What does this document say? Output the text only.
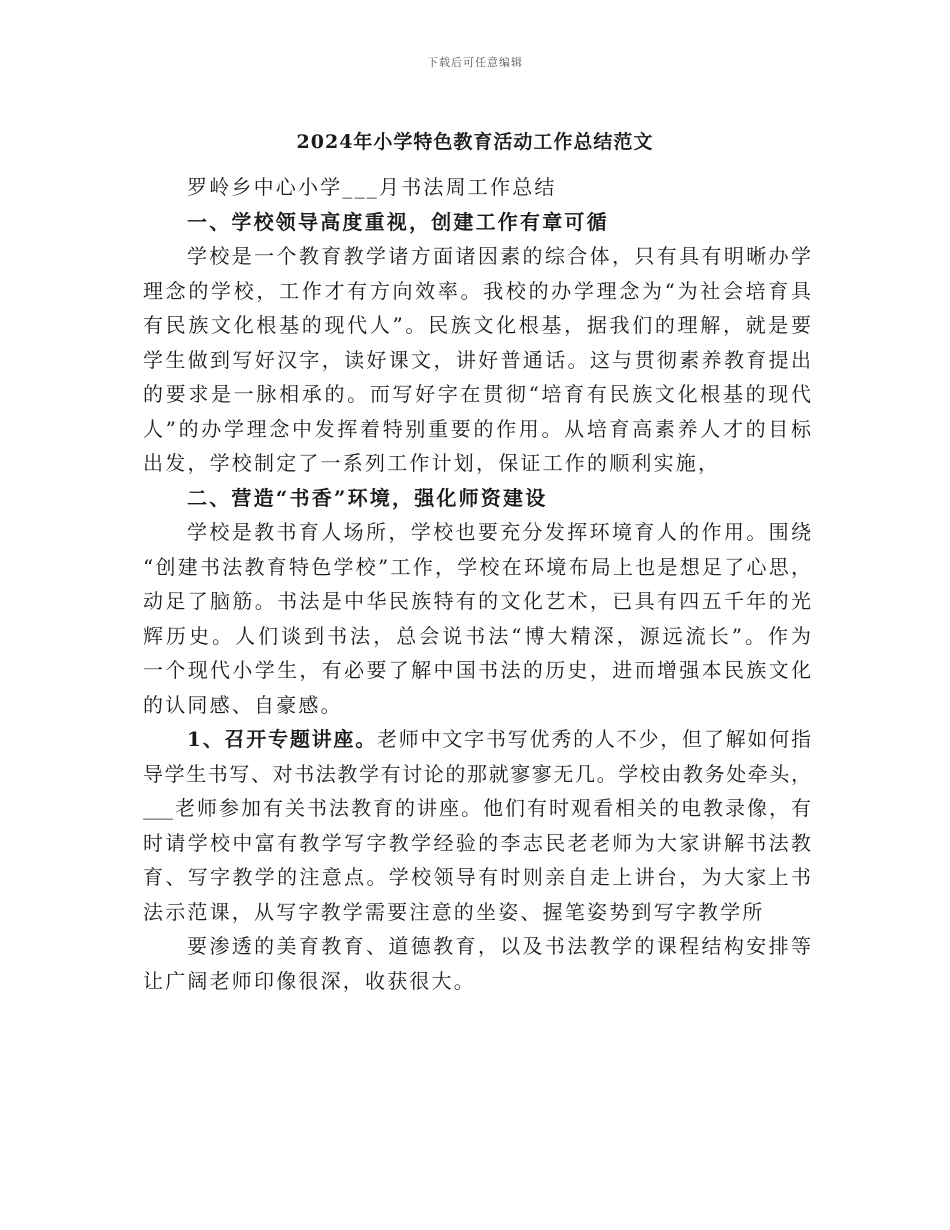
下载后可任意编辑
2024年小学特色教育活动工作总结范文
罗岭乡中心小学___月书法周工作总结
一、学校领导高度重视，创建工作有章可循
学校是一个教育教学诸方面诸因素的综合体，只有具有明晰办学
理念的学校，工作才有方向效率。我校的办学理念为“为社会培育具
有民族文化根基的现代人”。民族文化根基，据我们的理解，就是要
学生做到写好汉字，读好课文，讲好普通话。这与贯彻素养教育提出
的要求是一脉相承的。而写好字在贯彻“培育有民族文化根基的现代
人”的办学理念中发挥着特别重要的作用。从培育高素养人才的目标
出发，学校制定了一系列工作计划，保证工作的顺利实施，
二、营造“书香”环境，强化师资建设
学校是教书育人场所，学校也要充分发挥环境育人的作用。围绕
“创建书法教育特色学校”工作，学校在环境布局上也是想足了心思，
动足了脑筋。书法是中华民族特有的文化艺术，已具有四五千年的光
辉历史。人们谈到书法，总会说书法“博大精深，源远流长”。作为
一个现代小学生，有必要了解中国书法的历史，进而增强本民族文化
的认同感、自豪感。
1、召开专题讲座。老师中文字书写优秀的人不少，但了解如何指
导学生书写、对书法教学有讨论的那就寥寥无几。学校由教务处牵头，
___老师参加有关书法教育的讲座。他们有时观看相关的电教录像，有
时请学校中富有教学写字教学经验的李志民老老师为大家讲解书法教
育、写字教学的注意点。学校领导有时则亲自走上讲台，为大家上书
法示范课，从写字教学需要注意的坐姿、握笔姿势到写字教学所
要渗透的美育教育、道德教育，以及书法教学的课程结构安排等
让广阔老师印像很深，收获很大。
